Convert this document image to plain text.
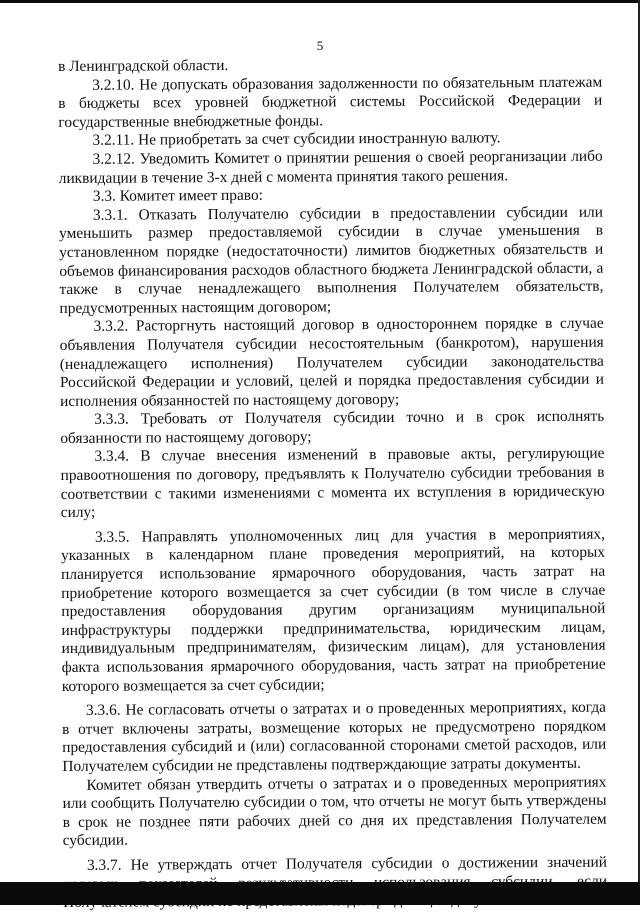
5

в Ленинградской области.

3.2.10. Не допускать образования задолженности по обязательным платежам в бюджеты всех уровней бюджетной системы Российской Федерации и государственные внебюджетные фонды.

3.2.11. Не приобретать за счет субсидии иностранную валюту.

3.2.12. Уведомить Комитет о принятии решения о своей реорганизации либо ликвидации в течение 3-х дней с момента принятия такого решения.

3.3. Комитет имеет право:

3.3.1. Отказать Получателю субсидии в предоставлении субсидии или уменьшить размер предоставляемой субсидии в случае уменьшения в установленном порядке (недостаточности) лимитов бюджетных обязательств и объемов финансирования расходов областного бюджета Ленинградской области, а также в случае ненадлежащего выполнения Получателем обязательств, предусмотренных настоящим договором;

3.3.2. Расторгнуть настоящий договор в одностороннем порядке в случае объявления Получателя субсидии несостоятельным (банкротом), нарушения (ненадлежащего исполнения) Получателем субсидии законодательства Российской Федерации и условий, целей и порядка предоставления субсидии и исполнения обязанностей по настоящему договору;

3.3.3. Требовать от Получателя субсидии точно и в срок исполнять обязанности по настоящему договору;

3.3.4. В случае внесения изменений в правовые акты, регулирующие правоотношения по договору, предъявлять к Получателю субсидии требования в соответствии с такими изменениями с момента их вступления в юридическую силу;

3.3.5. Направлять уполномоченных лиц для участия в мероприятиях, указанных в календарном плане проведения мероприятий, на которых планируется использование ярмарочного оборудования, часть затрат на приобретение которого возмещается за счет субсидии (в том числе в случае предоставления оборудования другим организациям муниципальной инфраструктуры поддержки предпринимательства, юридическим лицам, индивидуальным предпринимателям, физическим лицам), для установления факта использования ярмарочного оборудования, часть затрат на приобретение которого возмещается за счет субсидии;

3.3.6. Не согласовать отчеты о затратах и о проведенных мероприятиях, когда в отчет включены затраты, возмещение которых не предусмотрено порядком предоставления субсидий и (или) согласованной сторонами сметой расходов, или Получателем субсидии не представлены подтверждающие затраты документы.

Комитет обязан утвердить отчеты о затратах и о проведенных мероприятиях или сообщить Получателю субсидии о том, что отчеты не могут быть утверждены в срок не позднее пяти рабочих дней со дня их представления Получателем субсидии.

3.3.7. Не утверждать отчет Получателя субсидии о достижении значений если
